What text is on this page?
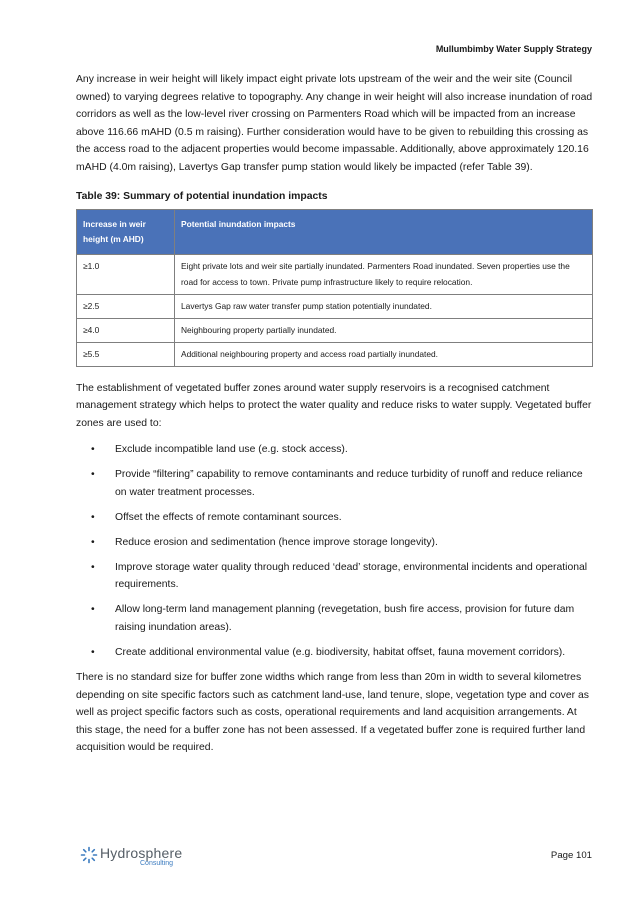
Mullumbimby Water Supply Strategy

Any increase in weir height will likely impact eight private lots upstream of the weir and the weir site (Council owned) to varying degrees relative to topography. Any change in weir height will also increase inundation of road corridors as well as the low-level river crossing on Parmenters Road which will be impacted from an increase above 116.66 mAHD (0.5 m raising). Further consideration would have to be given to rebuilding this crossing as the access road to the adjacent properties would become impassable. Additionally, above approximately 120.16 mAHD (4.0m raising), Lavertys Gap transfer pump station would likely be impacted (refer Table 39).

Table 39: Summary of potential inundation impacts
Increase in weir height (m AHD)	Potential inundation impacts
≥1.0	Eight private lots and weir site partially inundated. Parmenters Road inundated. Seven properties use the road for access to town. Private pump infrastructure likely to require relocation.
≥2.5	Lavertys Gap raw water transfer pump station potentially inundated.
≥4.0	Neighbouring property partially inundated.
≥5.5	Additional neighbouring property and access road partially inundated.

The establishment of vegetated buffer zones around water supply reservoirs is a recognised catchment management strategy which helps to protect the water quality and reduce risks to water supply. Vegetated buffer zones are used to:

• Exclude incompatible land use (e.g. stock access).
• Provide “filtering” capability to remove contaminants and reduce turbidity of runoff and reduce reliance on water treatment processes.
• Offset the effects of remote contaminant sources.
• Reduce erosion and sedimentation (hence improve storage longevity).
• Improve storage water quality through reduced ‘dead’ storage, environmental incidents and operational requirements.
• Allow long-term land management planning (revegetation, bush fire access, provision for future dam raising inundation areas).
• Create additional environmental value (e.g. biodiversity, habitat offset, fauna movement corridors).

There is no standard size for buffer zone widths which range from less than 20m in width to several kilometres depending on site specific factors such as catchment land-use, land tenure, slope, vegetation type and cover as well as project specific factors such as costs, operational requirements and land acquisition arrangements. At this stage, the need for a buffer zone has not been assessed. If a vegetated buffer zone is required further land acquisition would be required.

Hydrosphere
Consulting
Page 101
